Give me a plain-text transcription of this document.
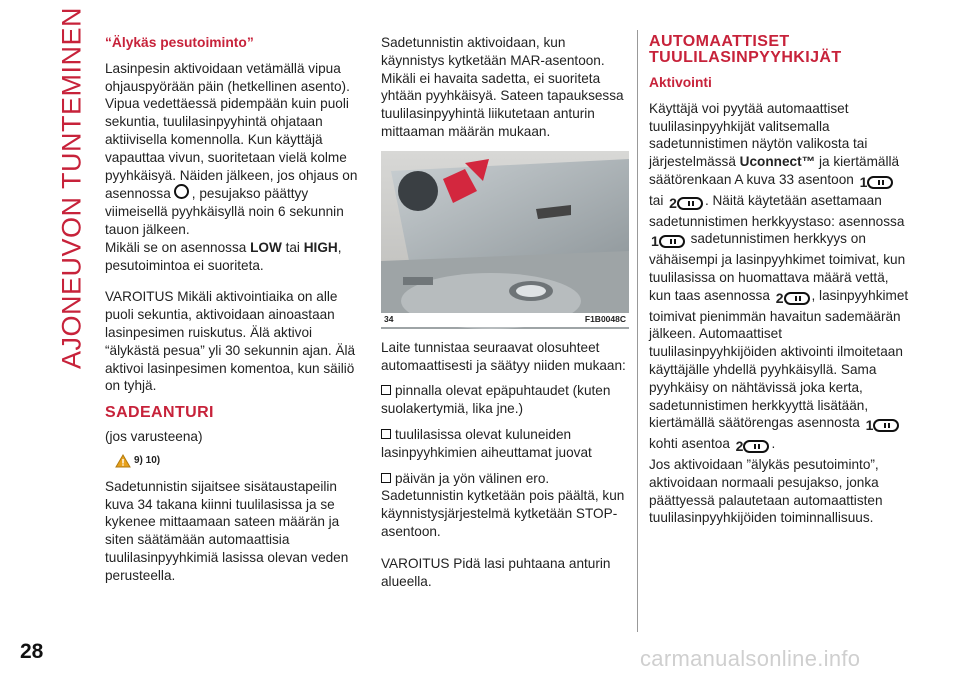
AJONEUVON TUNTEMINEN “Älykäs pesutoiminto”

Lasinpesin aktivoidaan vetämällä vipua ohjauspyörään päin (hetkellinen asento). Vipua vedettäessä pidempään kuin puoli sekuntia, tuulilasinpyyhintä ohjataan aktiivisella komennolla. Kun käyttäjä vapauttaa vivun, suoritetaan vielä kolme pyyhkäisyä. Näiden jälkeen, jos ohjaus on asennossa , pesujakso päättyy viimeisellä pyyhkäisyllä noin 6 sekunnin tauon jälkeen.
Mikäli se on asennossa LOW tai HIGH, pesutoimintoa ei suoriteta.

VAROITUS Mikäli aktivointiaika on alle puoli sekuntia, aktivoidaan ainoastaan lasinpesimen ruiskutus. Älä aktivoi “älykästä pesua” yli 30 sekunnin ajan. Älä aktivoi lasinpesimen komentoa, kun säiliö on tyhjä.

SADEANTURI

(jos varusteena)

9) 10)

Sadetunnistin sijaitsee sisätaustapeilin kuva 34 takana kiinni tuulilasissa ja se kykenee mittaamaan sateen määrän ja siten säätämään automaattisia tuulilasinpyyhkimiä lasissa olevan veden perusteella.

Sadetunnistin aktivoidaan, kun käynnistys kytketään MAR-asentoon. Mikäli ei havaita sadetta, ei suoriteta yhtään pyyhkäisyä. Sateen tapauksessa tuulilasinpyyhintä liikutetaan anturin mittaaman määrän mukaan.

34	F1B0048C

Laite tunnistaa seuraavat olosuhteet automaattisesti ja säätyy niiden mukaan:

pinnalla olevat epäpuhtaudet (kuten suolakertymiä, lika jne.)

tuulilasissa olevat kuluneiden lasinpyyhkimien aiheuttamat juovat

päivän ja yön välinen ero.

Sadetunnistin kytketään pois päältä, kun käynnistysjärjestelmä kytketään STOP-asentoon.

VAROITUS Pidä lasi puhtaana anturin alueella.

AUTOMAATTISET TUULILASINPYYHKIJÄT

Aktivointi

Käyttäjä voi pyytää automaattiset tuulilasinpyyhkijät valitsemalla sadetunnistimen näytön valikosta tai järjestelmässä Uconnect™ ja kiertämällä säätörenkaan A kuva 33 asentoon 1 tai 2 . Näitä käytetään asettamaan sadetunnistimen herkkyystaso: asennossa 1 sadetunnistimen herkkyys on vähäisempi ja lasinpyyhkimet toimivat, kun tuulilasissa on huomattava määrä vettä, kun taas asennossa 2 , lasinpyyhkimet toimivat pienimmän havaitun sademäärän jälkeen. Automaattiset tuulilasinpyyhkijöiden aktivointi ilmoitetaan käyttäjälle yhdellä pyyhkäisyllä. Sama pyyhkäisy on nähtävissä joka kerta, sadetunnistimen herkkyyttä lisätään, kiertämällä säätörengas asennosta 1 kohti asentoa 2 .
Jos aktivoidaan ”älykäs pesutoiminto”, aktivoidaan normaali pesujakso, jonka päättyessä palautetaan automaattisten tuulilasinpyyhkijöiden toiminnallisuus.

28	carmanualsonline.info
